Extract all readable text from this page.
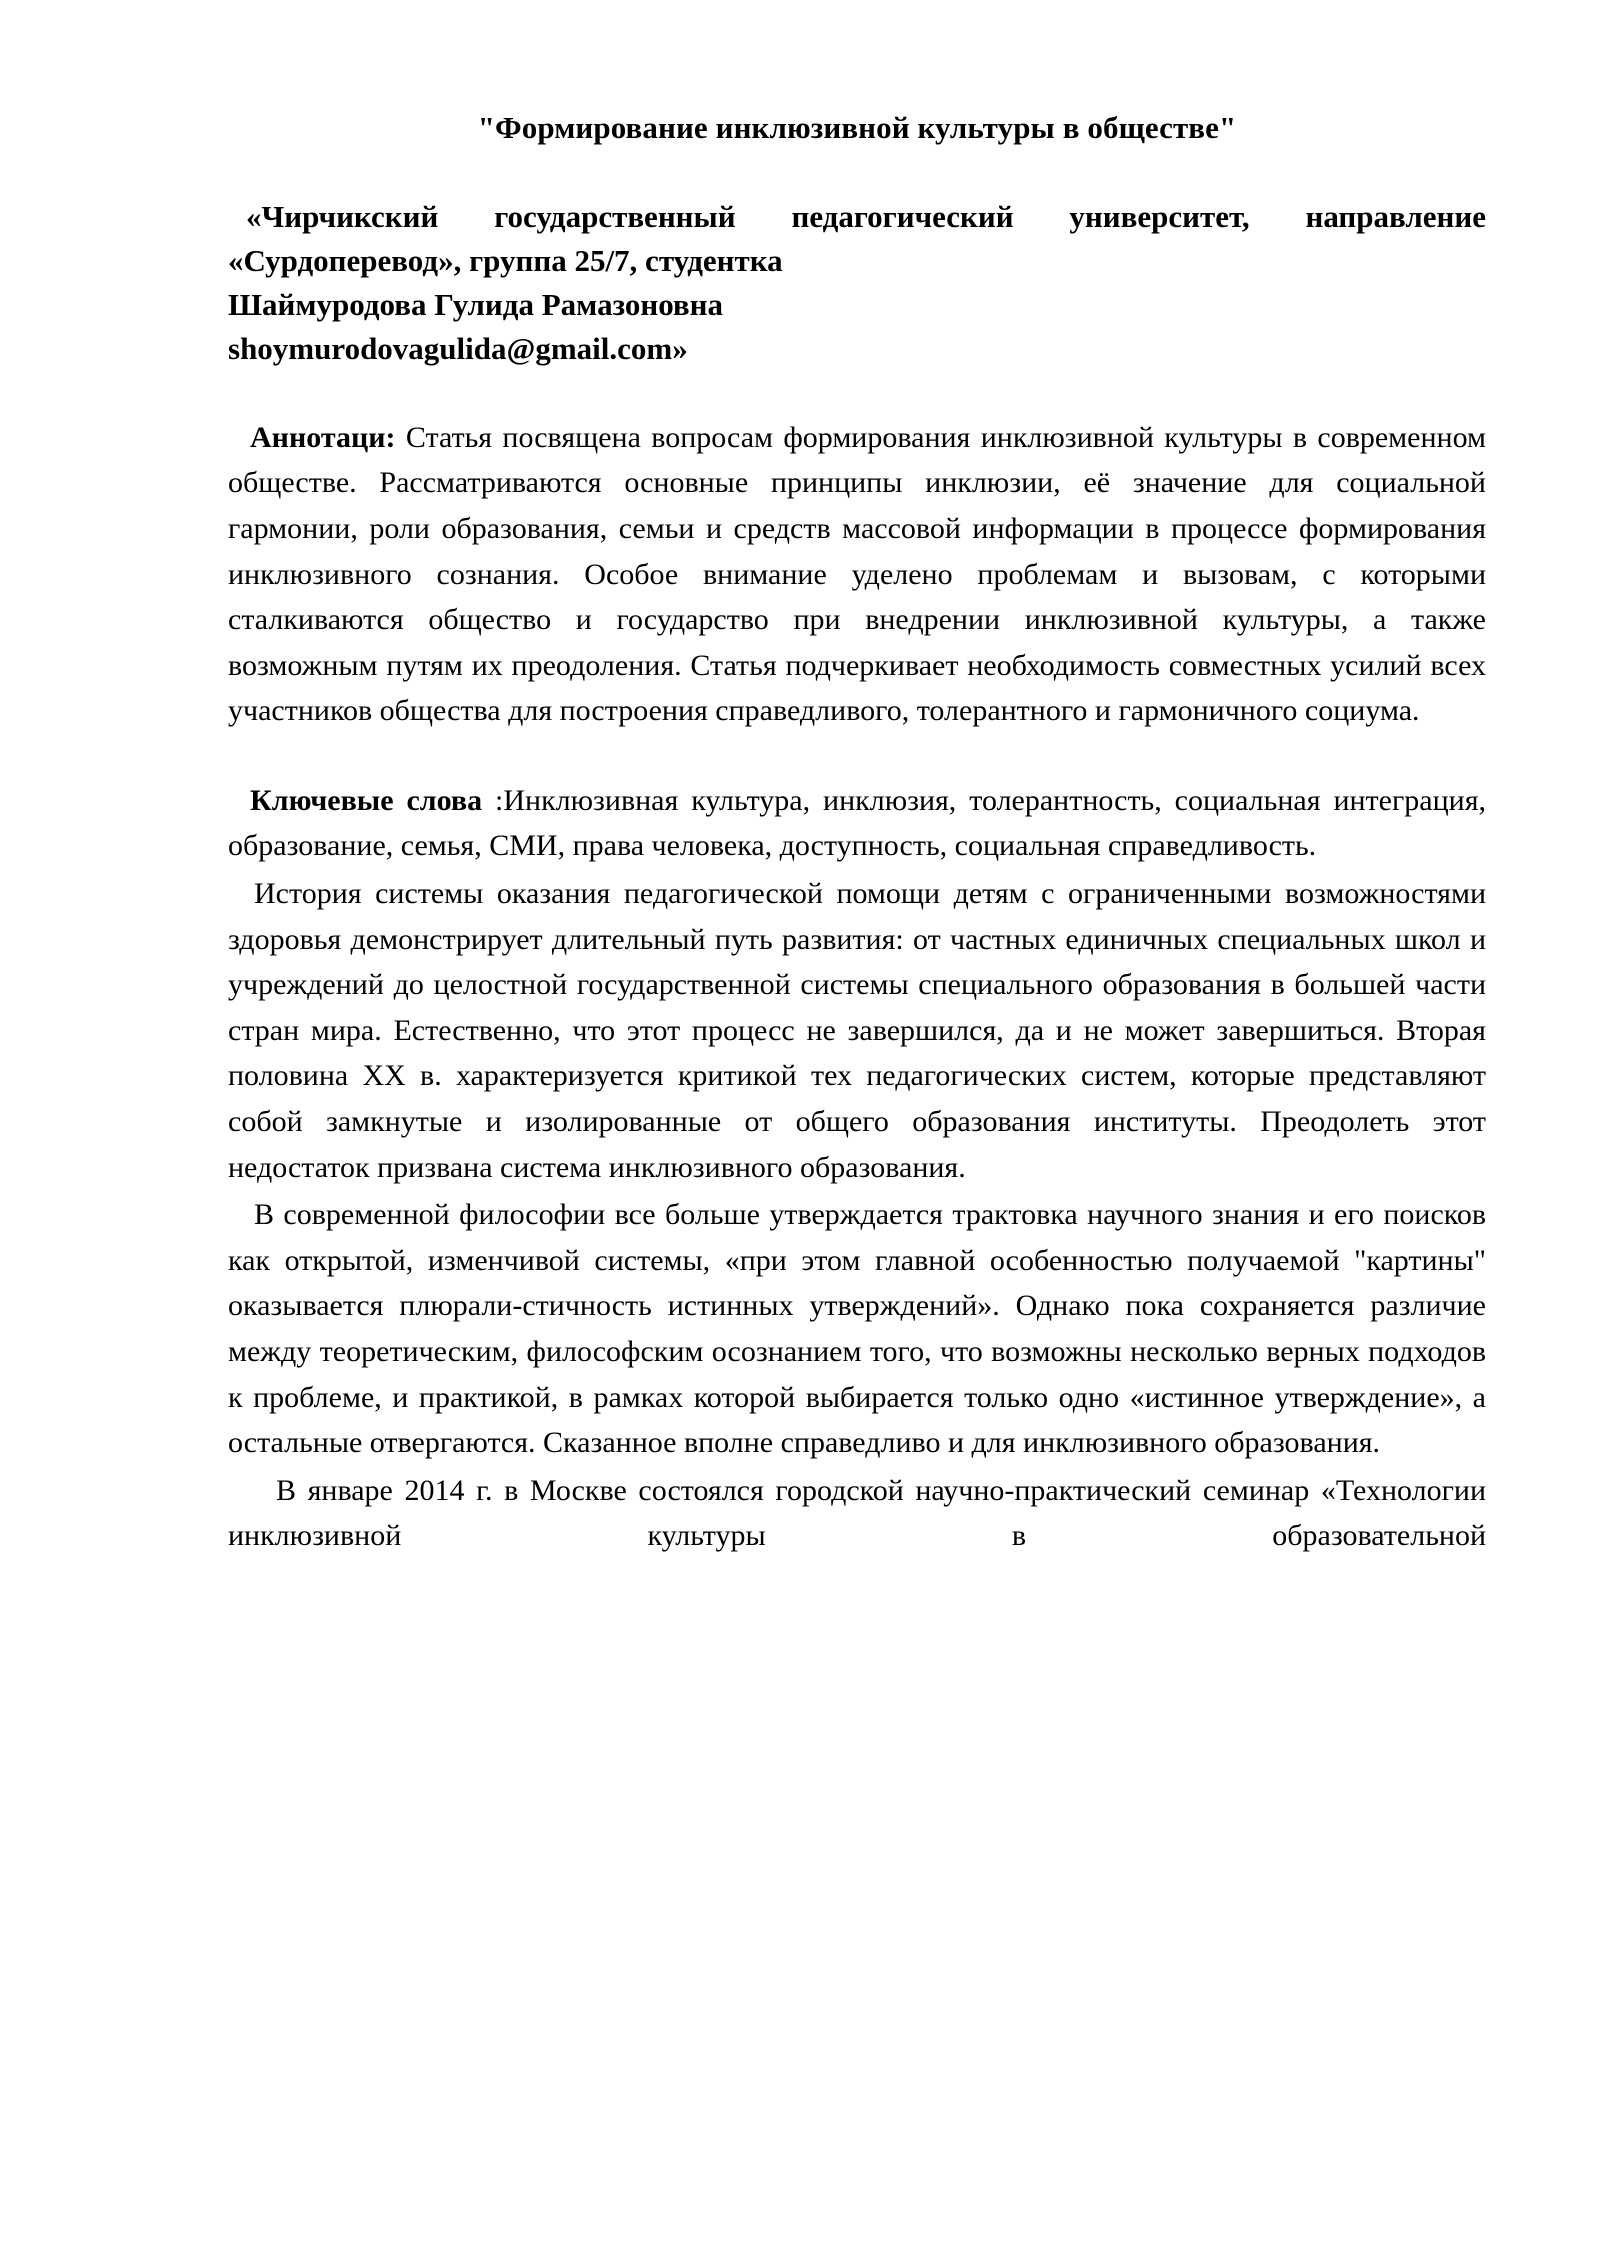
"Формирование инклюзивной культуры в обществе"

«Чирчикский государственный педагогический университет, направление «Сурдоперевод», группа 25/7, студентка

Шаймуродова Гулида Рамазоновна

shoymurodovagulida@gmail.com»

Аннотаци: Статья посвящена вопросам формирования инклюзивной культуры в современном обществе. Рассматриваются основные принципы инклюзии, её значение для социальной гармонии, роли образования, семьи и средств массовой информации в процессе формирования инклюзивного сознания. Особое внимание уделено проблемам и вызовам, с которыми сталкиваются общество и государство при внедрении инклюзивной культуры, а также возможным путям их преодоления. Статья подчеркивает необходимость совместных усилий всех участников общества для построения справедливого, толерантного и гармоничного социума.

Ключевые слова :Инклюзивная культура, инклюзия, толерантность, социальная интеграция, образование, семья, СМИ, права человека, доступность, социальная справедливость.

История системы оказания педагогической помощи детям с ограниченными возможностями здоровья демонстрирует длительный путь развития: от частных единичных специальных школ и учреждений до целостной государственной системы специального образования в большей части стран мира. Естественно, что этот процесс не завершился, да и не может завершиться. Вторая половина XX в. характеризуется критикой тех педагогических систем, которые представляют собой замкнутые и изолированные от общего образования институты. Преодолеть этот недостаток призвана система инклюзивного образования.

В современной философии все больше утверждается трактовка научного знания и его поисков как открытой, изменчивой системы, «при этом главной особенностью получаемой "картины" оказывается плюрали-стичность истинных утверждений». Однако пока сохраняется различие между теоретическим, философским осознанием того, что возможны несколько верных подходов к проблеме, и практикой, в рамках которой выбирается только одно «истинное утверждение», а остальные отвергаются. Сказанное вполне справедливо и для инклюзивного образования.

В январе 2014 г. в Москве состоялся городской научно-практический семинар «Технологии инклюзивной культуры в образовательной
